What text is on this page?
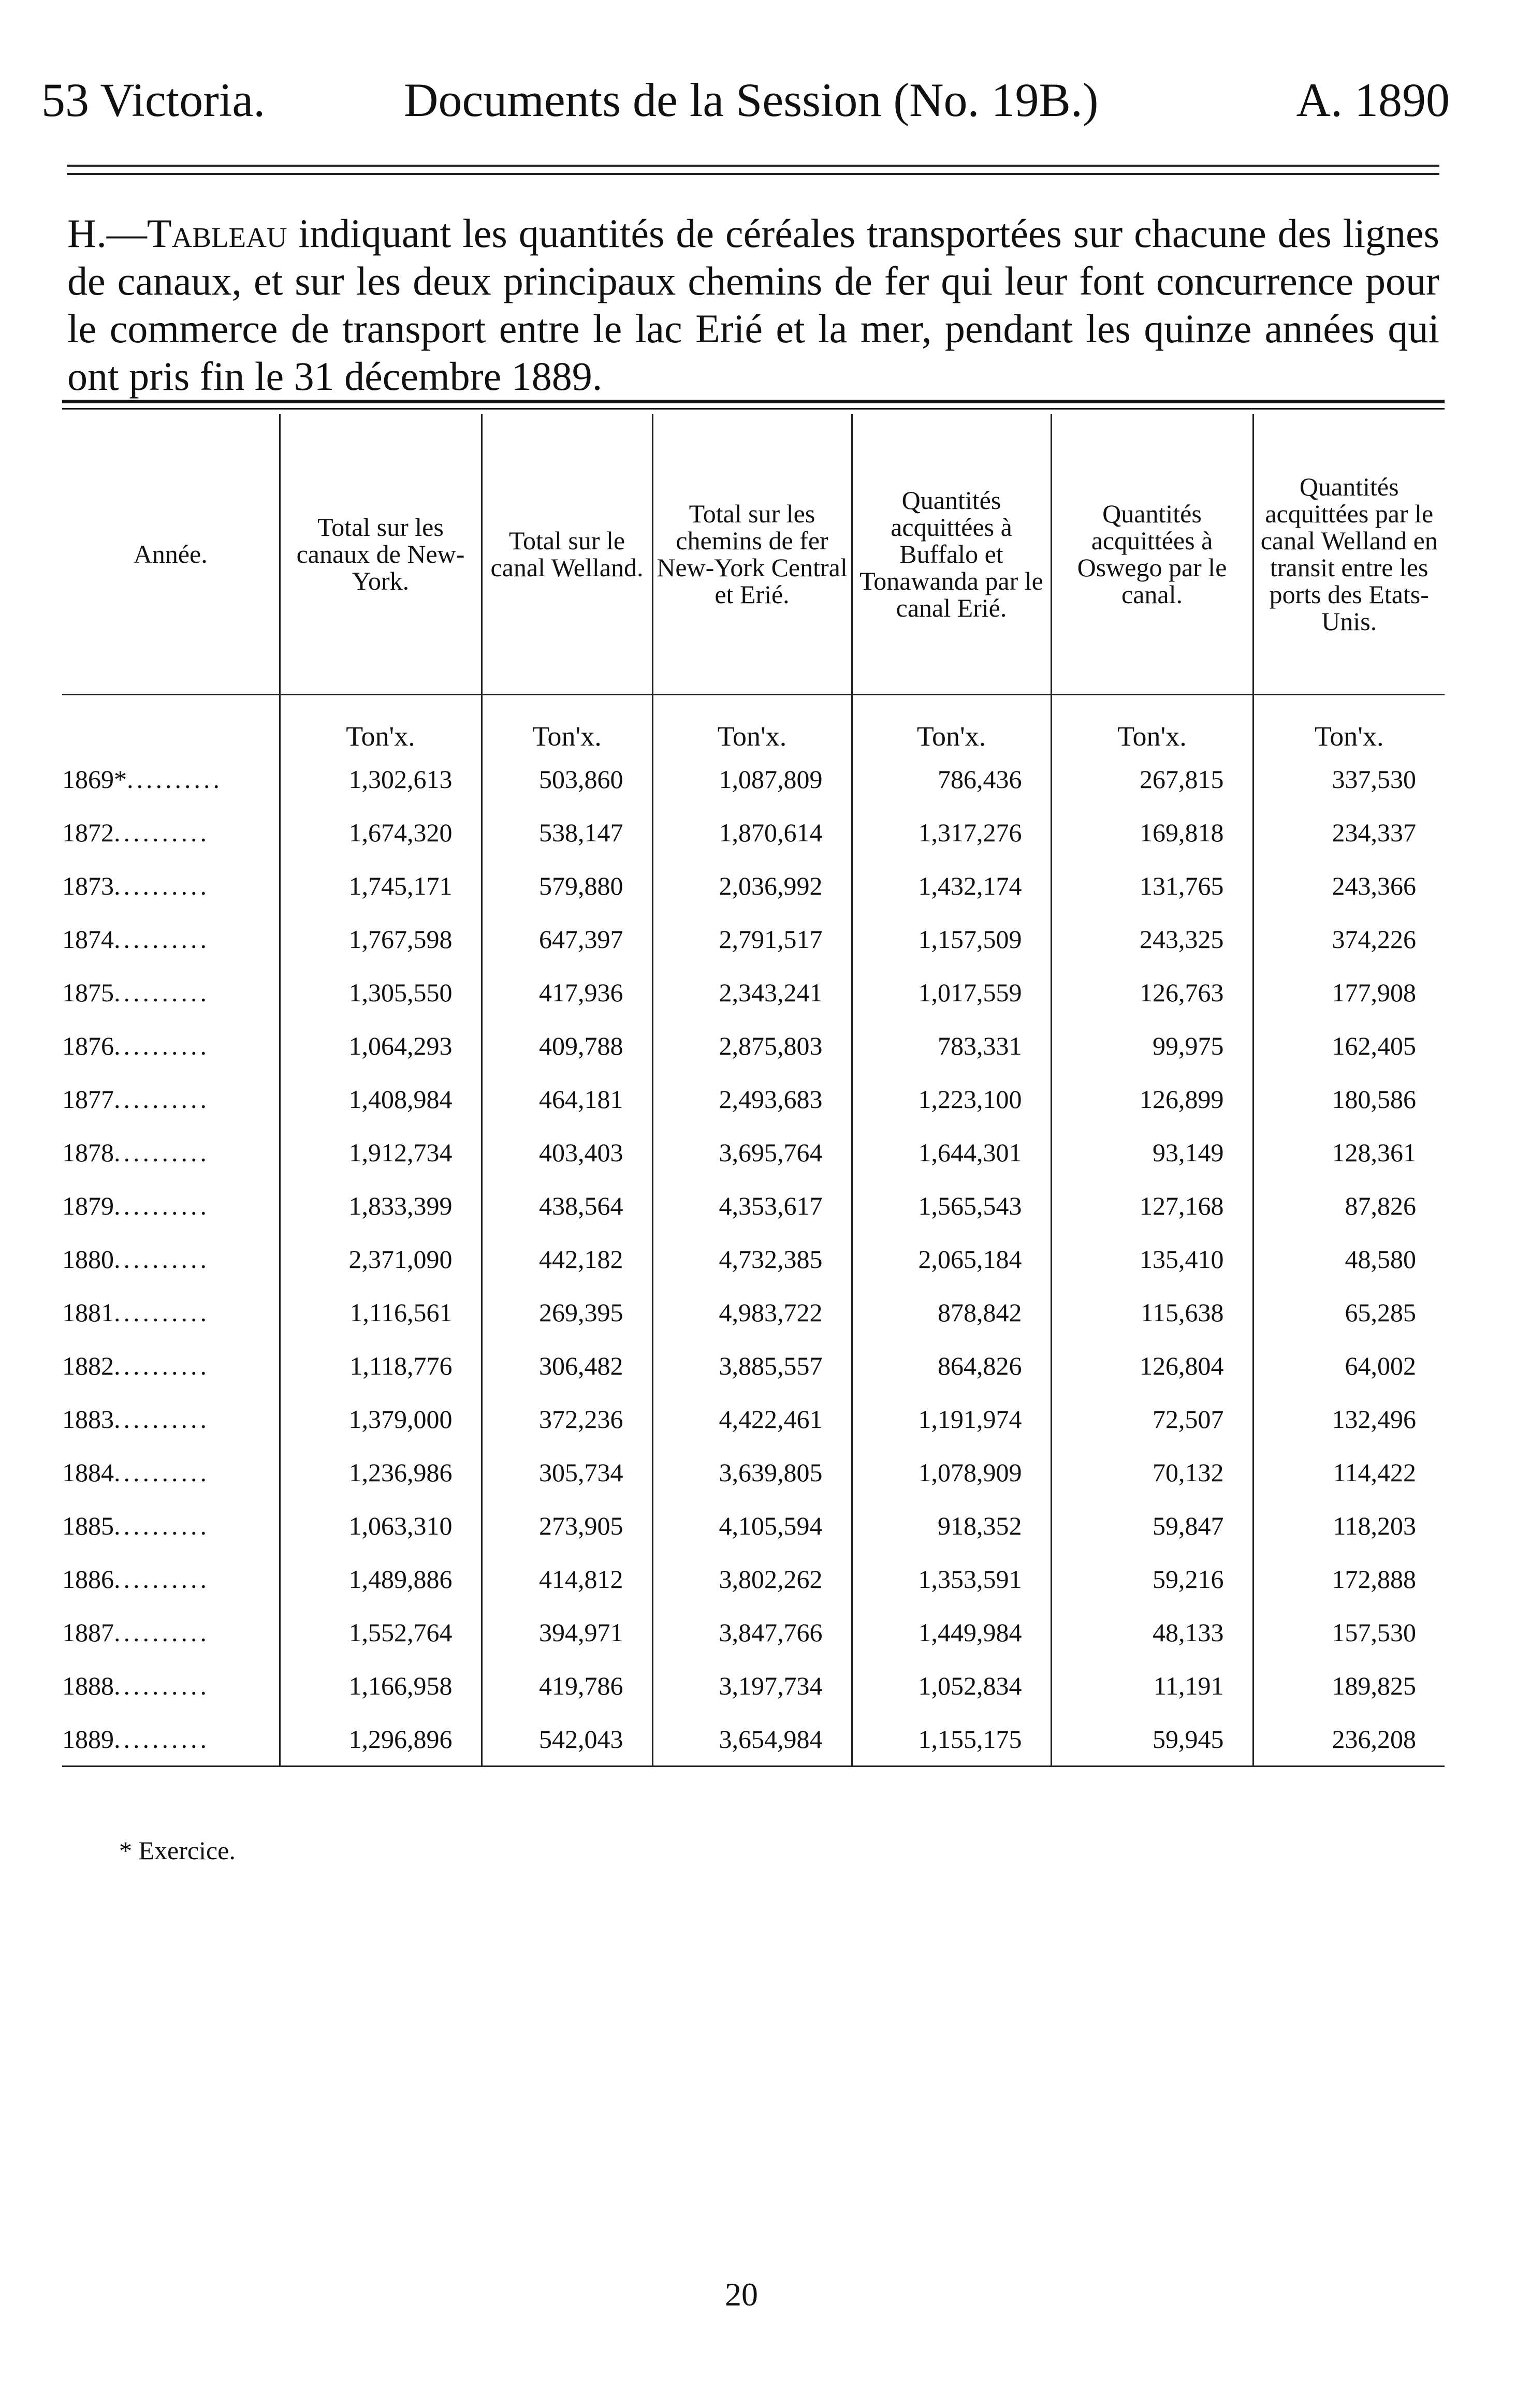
53 Victoria.	Documents de la Session (No. 19B.)	A. 1890
H.—Tableau indiquant les quantités de céréales transportées sur chacune des lignes de canaux, et sur les deux principaux chemins de fer qui leur font concurrence pour le commerce de transport entre le lac Erié et la mer, pendant les quinze années qui ont pris fin le 31 décembre 1889.
Année.	Total sur les canaux de New-York.	Total sur le canal Welland.	Total sur les chemins de fer New-York Central et Erié.	Quantités acquittées à Buffalo et Tonawanda par le canal Erié.	Quantités acquittées à Oswego par le canal.	Quantités acquittées par le canal Welland en transit entre les ports des Etats-Unis.
	Ton'x.	Ton'x.	Ton'x.	Ton'x.	Ton'x.	Ton'x.
1869*..........	1,302,613	503,860	1,087,809	786,436	267,815	337,530
1872..........	1,674,320	538,147	1,870,614	1,317,276	169,818	234,337
1873..........	1,745,171	579,880	2,036,992	1,432,174	131,765	243,366
1874..........	1,767,598	647,397	2,791,517	1,157,509	243,325	374,226
1875..........	1,305,550	417,936	2,343,241	1,017,559	126,763	177,908
1876..........	1,064,293	409,788	2,875,803	783,331	99,975	162,405
1877..........	1,408,984	464,181	2,493,683	1,223,100	126,899	180,586
1878..........	1,912,734	403,403	3,695,764	1,644,301	93,149	128,361
1879..........	1,833,399	438,564	4,353,617	1,565,543	127,168	87,826
1880..........	2,371,090	442,182	4,732,385	2,065,184	135,410	48,580
1881..........	1,116,561	269,395	4,983,722	878,842	115,638	65,285
1882..........	1,118,776	306,482	3,885,557	864,826	126,804	64,002
1883..........	1,379,000	372,236	4,422,461	1,191,974	72,507	132,496
1884..........	1,236,986	305,734	3,639,805	1,078,909	70,132	114,422
1885..........	1,063,310	273,905	4,105,594	918,352	59,847	118,203
1886..........	1,489,886	414,812	3,802,262	1,353,591	59,216	172,888
1887..........	1,552,764	394,971	3,847,766	1,449,984	48,133	157,530
1888..........	1,166,958	419,786	3,197,734	1,052,834	11,191	189,825
1889..........	1,296,896	542,043	3,654,984	1,155,175	59,945	236,208
* Exercice.
20
